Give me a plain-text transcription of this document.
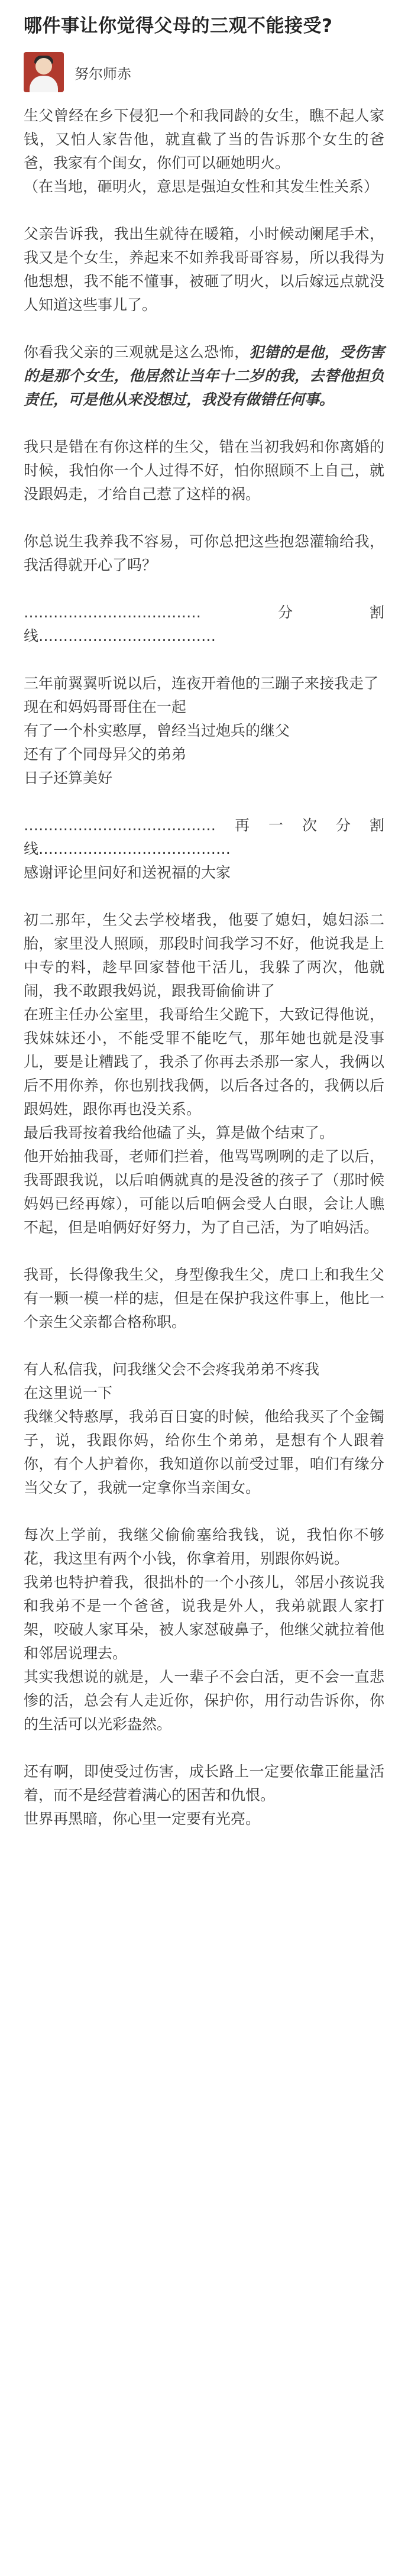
哪件事让你觉得父母的三观不能接受?
努尔师赤

生父曾经在乡下侵犯一个和我同龄的女生，瞧不起人家钱，又怕人家告他，就直截了当的告诉那个女生的爸爸，我家有个闺女，你们可以砸她明火。

（在当地，砸明火，意思是强迫女性和其发生性关系）

父亲告诉我，我出生就待在暖箱，小时候动阑尾手术，我又是个女生，养起来不如养我哥哥容易，所以我得为他想想，我不能不懂事，被砸了明火，以后嫁远点就没人知道这些事儿了。

你看我父亲的三观就是这么恐怖，犯错的是他，受伤害的是那个女生，他居然让当年十二岁的我，去替他担负责任，可是他从来没想过，我没有做错任何事。

我只是错在有你这样的生父，错在当初我妈和你离婚的时候，我怕你一个人过得不好，怕你照顾不上自己，就没跟妈走，才给自己惹了这样的祸。

你总说生我养我不容易，可你总把这些抱怨灌输给我，我活得就开心了吗？

………………………………分割线………………………………

三年前翼翼听说以后，连夜开着他的三蹦子来接我走了

现在和妈妈哥哥住在一起

有了一个朴实憨厚，曾经当过炮兵的继父

还有了个同母异父的弟弟

日子还算美好

…………………………………再一次分割线…………………………………

感谢评论里问好和送祝福的大家

初二那年，生父去学校堵我，他要了媳妇，媳妇添二胎，家里没人照顾，那段时间我学习不好，他说我是上中专的料，趁早回家替他干活儿，我躲了两次，他就闹，我不敢跟我妈说，跟我哥偷偷讲了

在班主任办公室里，我哥给生父跪下，大致记得他说，我妹妹还小，不能受罪不能吃气，那年她也就是没事儿，要是让糟践了，我杀了你再去杀那一家人，我俩以后不用你养，你也别找我俩，以后各过各的，我俩以后跟妈姓，跟你再也没关系。

最后我哥按着我给他磕了头，算是做个结束了。

他开始抽我哥，老师们拦着，他骂骂咧咧的走了以后，我哥跟我说，以后咱俩就真的是没爸的孩子了（那时候妈妈已经再嫁），可能以后咱俩会受人白眼，会让人瞧不起，但是咱俩好好努力，为了自己活，为了咱妈活。

我哥，长得像我生父，身型像我生父，虎口上和我生父有一颗一模一样的痣，但是在保护我这件事上，他比一个亲生父亲都合格称职。

有人私信我，问我继父会不会疼我弟弟不疼我

在这里说一下

我继父特憨厚，我弟百日宴的时候，他给我买了个金镯子，说，我跟你妈，给你生个弟弟，是想有个人跟着你，有个人护着你，我知道你以前受过罪，咱们有缘分当父女了，我就一定拿你当亲闺女。

每次上学前，我继父偷偷塞给我钱，说，我怕你不够花，我这里有两个小钱，你拿着用，别跟你妈说。

我弟也特护着我，很拙朴的一个小孩儿，邻居小孩说我和我弟不是一个爸爸，说我是外人，我弟就跟人家打架，咬破人家耳朵，被人家怼破鼻子，他继父就拉着他和邻居说理去。

其实我想说的就是，人一辈子不会白活，更不会一直悲惨的活，总会有人走近你，保护你，用行动告诉你，你的生活可以光彩盎然。

还有啊，即使受过伤害，成长路上一定要依靠正能量活着，而不是经营着满心的困苦和仇恨。

世界再黑暗，你心里一定要有光亮。
